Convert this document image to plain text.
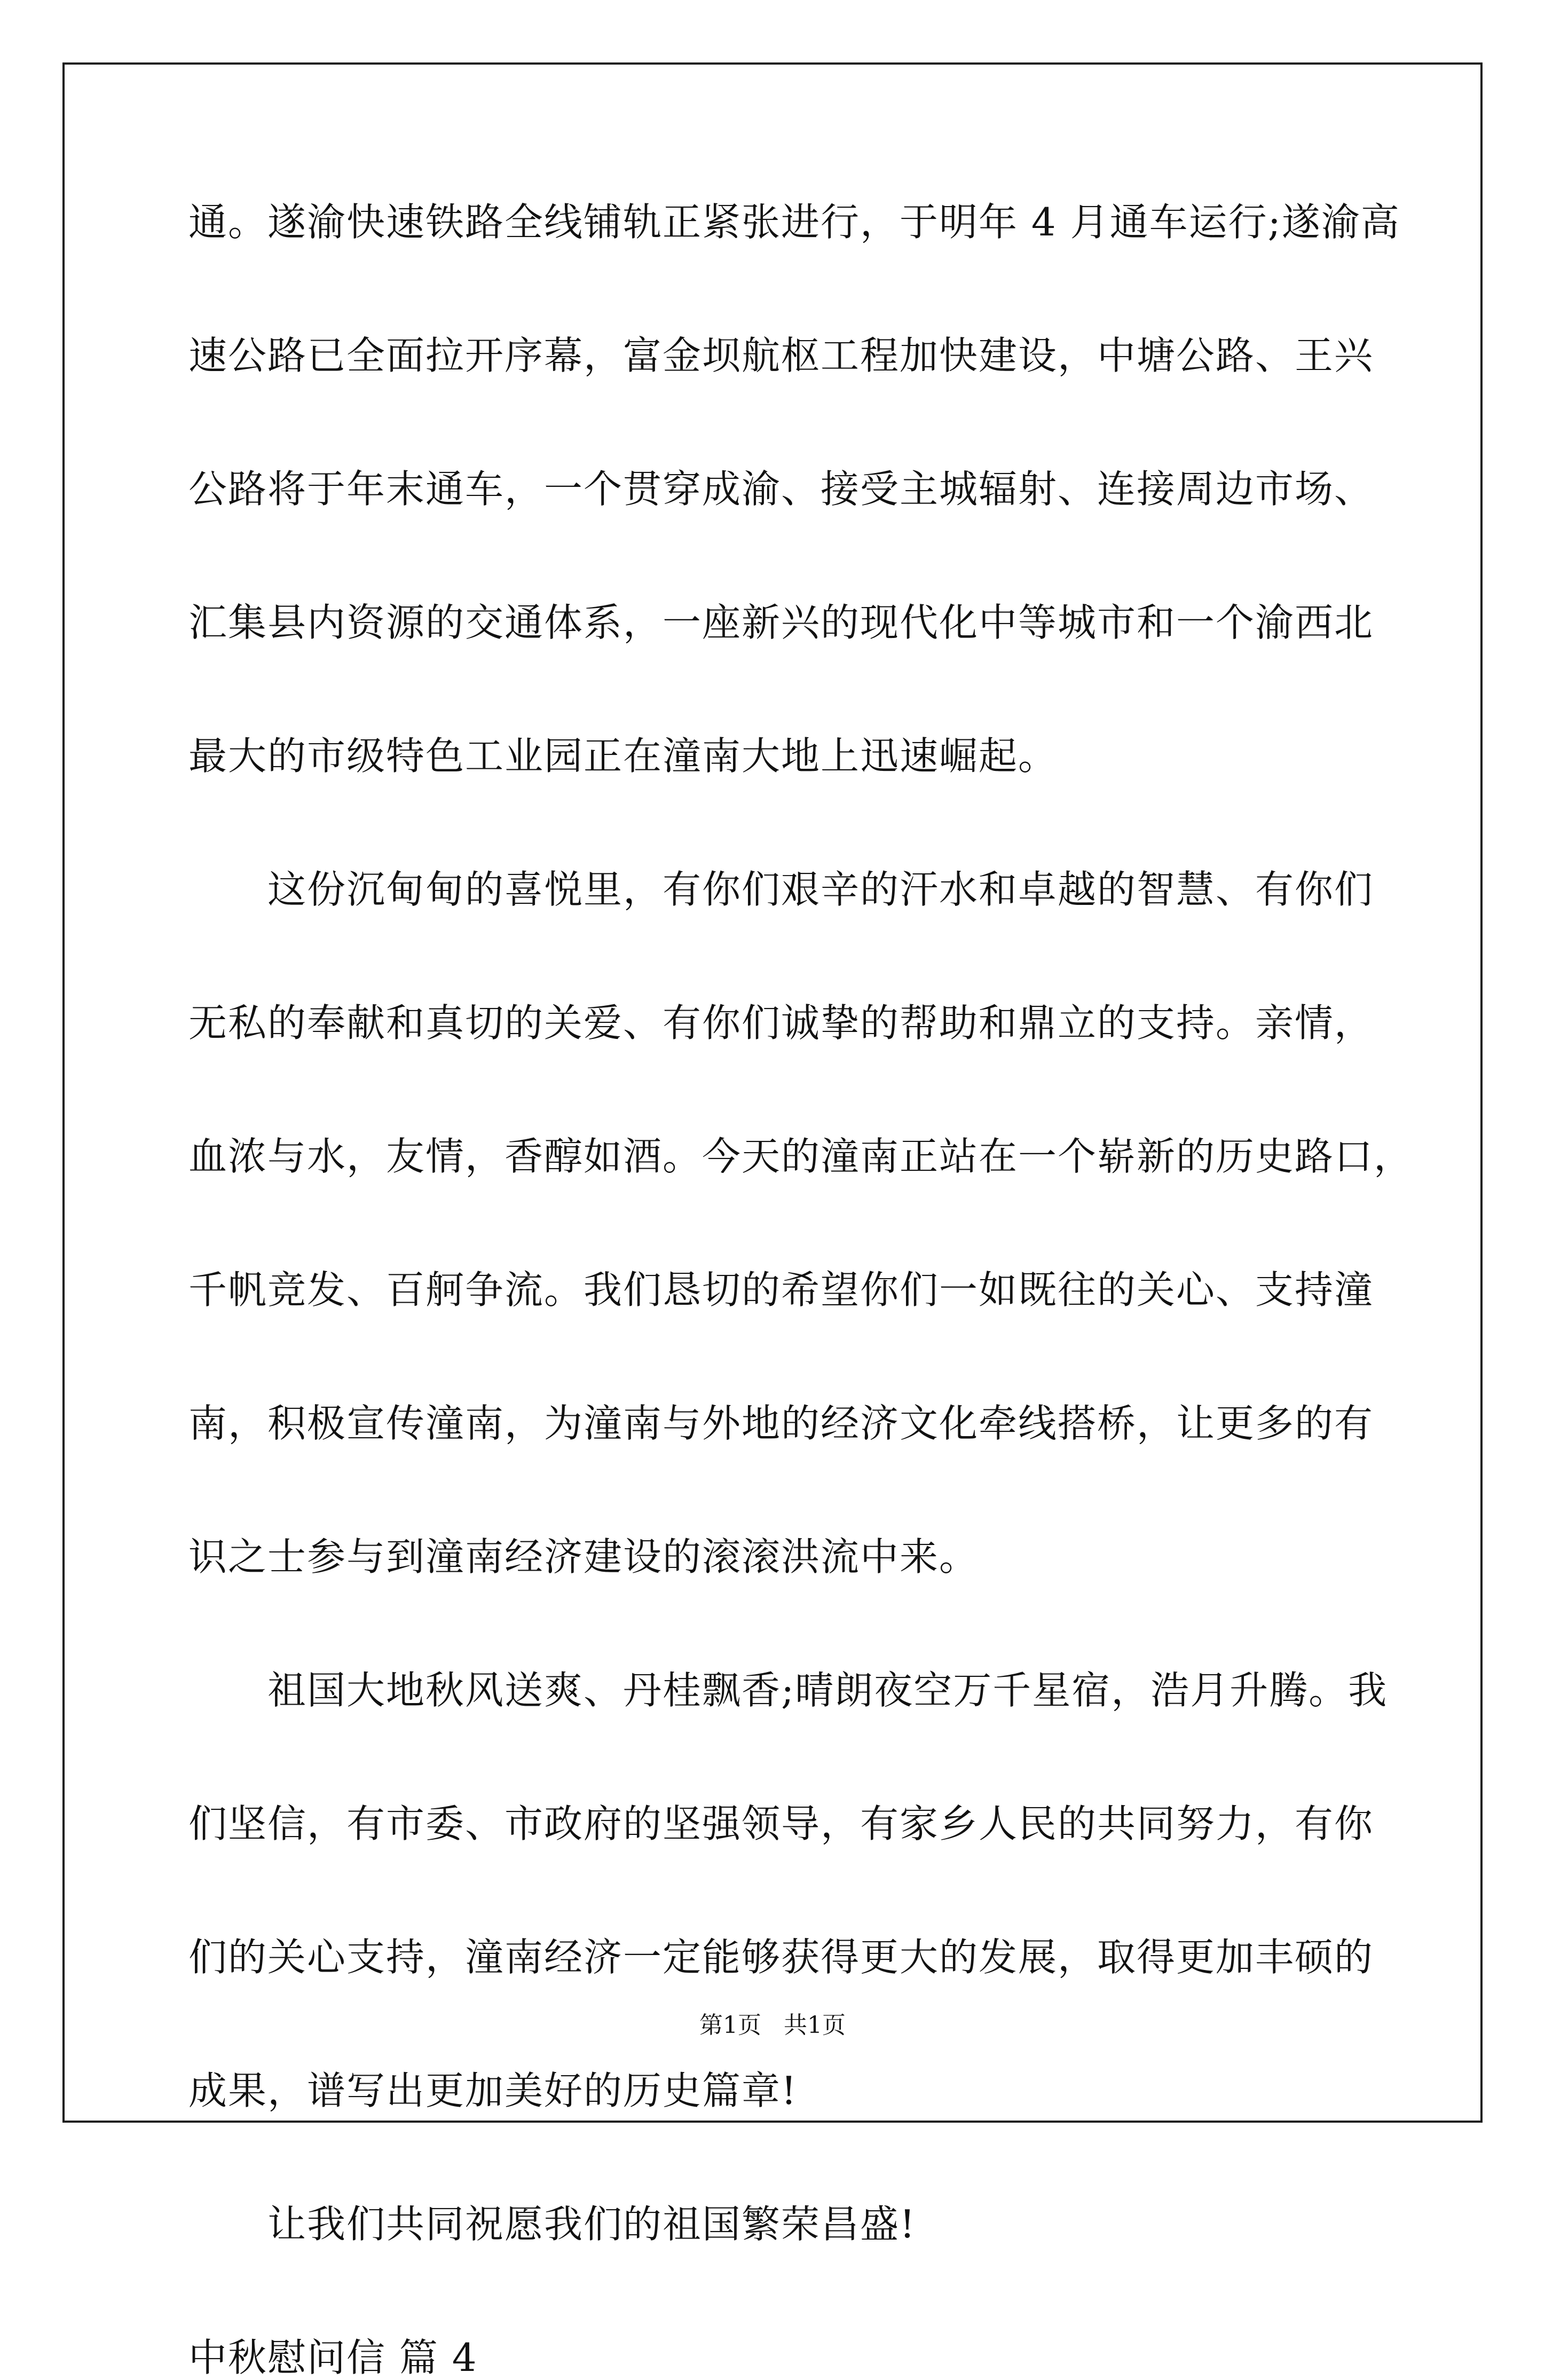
通。遂渝快速铁路全线铺轨正紧张进行，于明年 4 月通车运行;遂渝高
速公路已全面拉开序幕，富金坝航枢工程加快建设，中塘公路、王兴
公路将于年末通车，一个贯穿成渝、接受主城辐射、连接周边市场、
汇集县内资源的交通体系，一座新兴的现代化中等城市和一个渝西北
最大的市级特色工业园正在潼南大地上迅速崛起。
这份沉甸甸的喜悦里，有你们艰辛的汗水和卓越的智慧、有你们
无私的奉献和真切的关爱、有你们诚挚的帮助和鼎立的支持。亲情，
血浓与水，友情，香醇如酒。今天的潼南正站在一个崭新的历史路口，
千帆竞发、百舸争流。我们恳切的希望你们一如既往的关心、支持潼
南，积极宣传潼南，为潼南与外地的经济文化牵线搭桥，让更多的有
识之士参与到潼南经济建设的滚滚洪流中来。
祖国大地秋风送爽、丹桂飘香;晴朗夜空万千星宿，浩月升腾。我
们坚信，有市委、市政府的坚强领导，有家乡人民的共同努力，有你
们的关心支持，潼南经济一定能够获得更大的发展，取得更加丰硕的
成果，谱写出更加美好的历史篇章!
让我们共同祝愿我们的祖国繁荣昌盛!
中秋慰问信 篇 4
第1页   共1页
